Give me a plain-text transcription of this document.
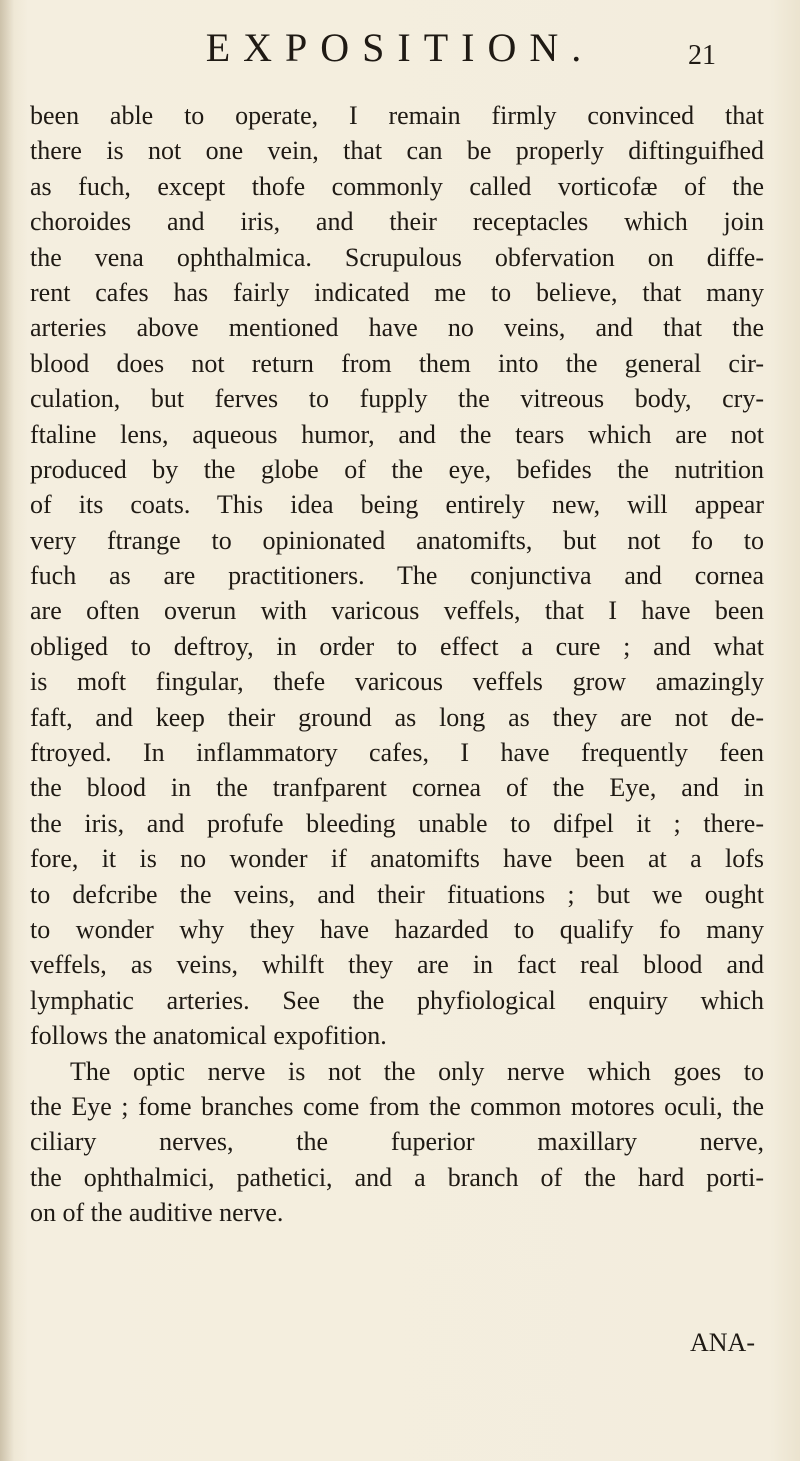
EXPOSITION.	21
been able to operate, I remain firmly convinced that
there is not one vein, that can be properly diftinguifhed
as fuch, except thofe commonly called vorticofæ of the
choroides and iris, and their receptacles which join
the vena ophthalmica. Scrupulous obfervation on diffe-
rent cafes has fairly indicated me to believe, that many
arteries above mentioned have no veins, and that the
blood does not return from them into the general cir-
culation, but ferves to fupply the vitreous body, cry-
ftaline lens, aqueous humor, and the tears which are not
produced by the globe of the eye, befides the nutrition
of its coats. This idea being entirely new, will appear
very ftrange to opinionated anatomifts, but not fo to
fuch as are practitioners. The conjunctiva and cornea
are often overun with varicous veffels, that I have been
obliged to deftroy, in order to effect a cure ; and what
is moft fingular, thefe varicous veffels grow amazingly
faft, and keep their ground as long as they are not de-
ftroyed. In inflammatory cafes, I have frequently feen
the blood in the tranfparent cornea of the Eye, and in
the iris, and profufe bleeding unable to difpel it ; there-
fore, it is no wonder if anatomifts have been at a lofs
to defcribe the veins, and their fituations ; but we ought
to wonder why they have hazarded to qualify fo many
veffels, as veins, whilft they are in fact real blood and
lymphatic arteries. See the phyfiological enquiry which
follows the anatomical expofition.
The optic nerve is not the only nerve which goes to
the Eye ; fome branches come from the common motores oculi, the ciliary nerves, the fuperior maxillary nerve,
the ophthalmici, pathetici, and a branch of the hard porti-
on of the auditive nerve.
ANA-
